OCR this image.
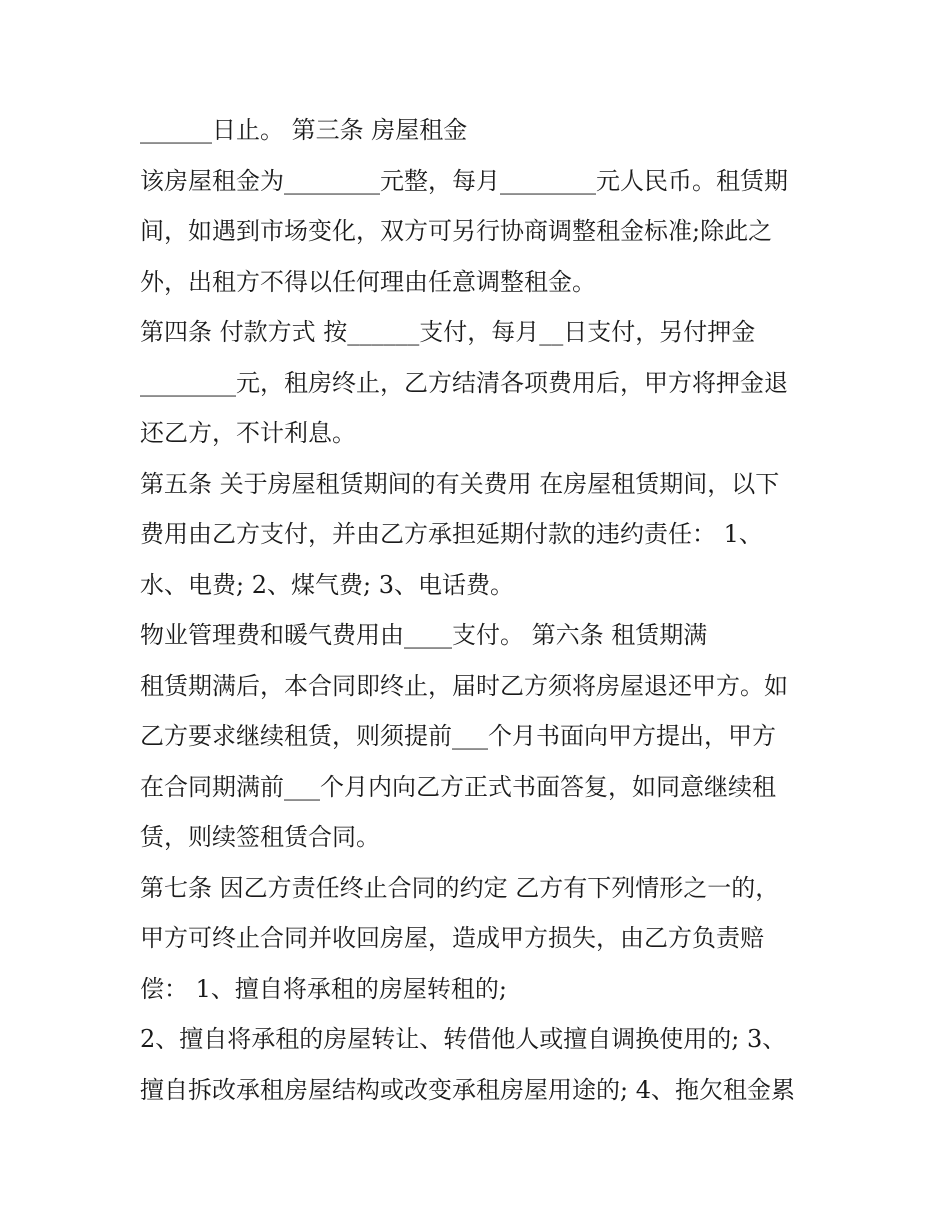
______日止。 第三条 房屋租金
该房屋租金为________元整，每月________元人民币。租赁期
间，如遇到市场变化，双方可另行协商调整租金标准;除此之
外，出租方不得以任何理由任意调整租金。
第四条 付款方式 按______支付，每月__日支付，另付押金
________元，租房终止，乙方结清各项费用后，甲方将押金退
还乙方，不计利息。
第五条 关于房屋租赁期间的有关费用 在房屋租赁期间，以下
费用由乙方支付，并由乙方承担延期付款的违约责任： 1、
水、电费; 2、煤气费; 3、电话费。
物业管理费和暖气费用由____支付。 第六条 租赁期满
租赁期满后，本合同即终止，届时乙方须将房屋退还甲方。如
乙方要求继续租赁，则须提前___个月书面向甲方提出，甲方
在合同期满前___个月内向乙方正式书面答复，如同意继续租
赁，则续签租赁合同。
第七条 因乙方责任终止合同的约定 乙方有下列情形之一的，
甲方可终止合同并收回房屋，造成甲方损失，由乙方负责赔
偿： 1、擅自将承租的房屋转租的;
2、擅自将承租的房屋转让、转借他人或擅自调换使用的; 3、
擅自拆改承租房屋结构或改变承租房屋用途的; 4、拖欠租金累
